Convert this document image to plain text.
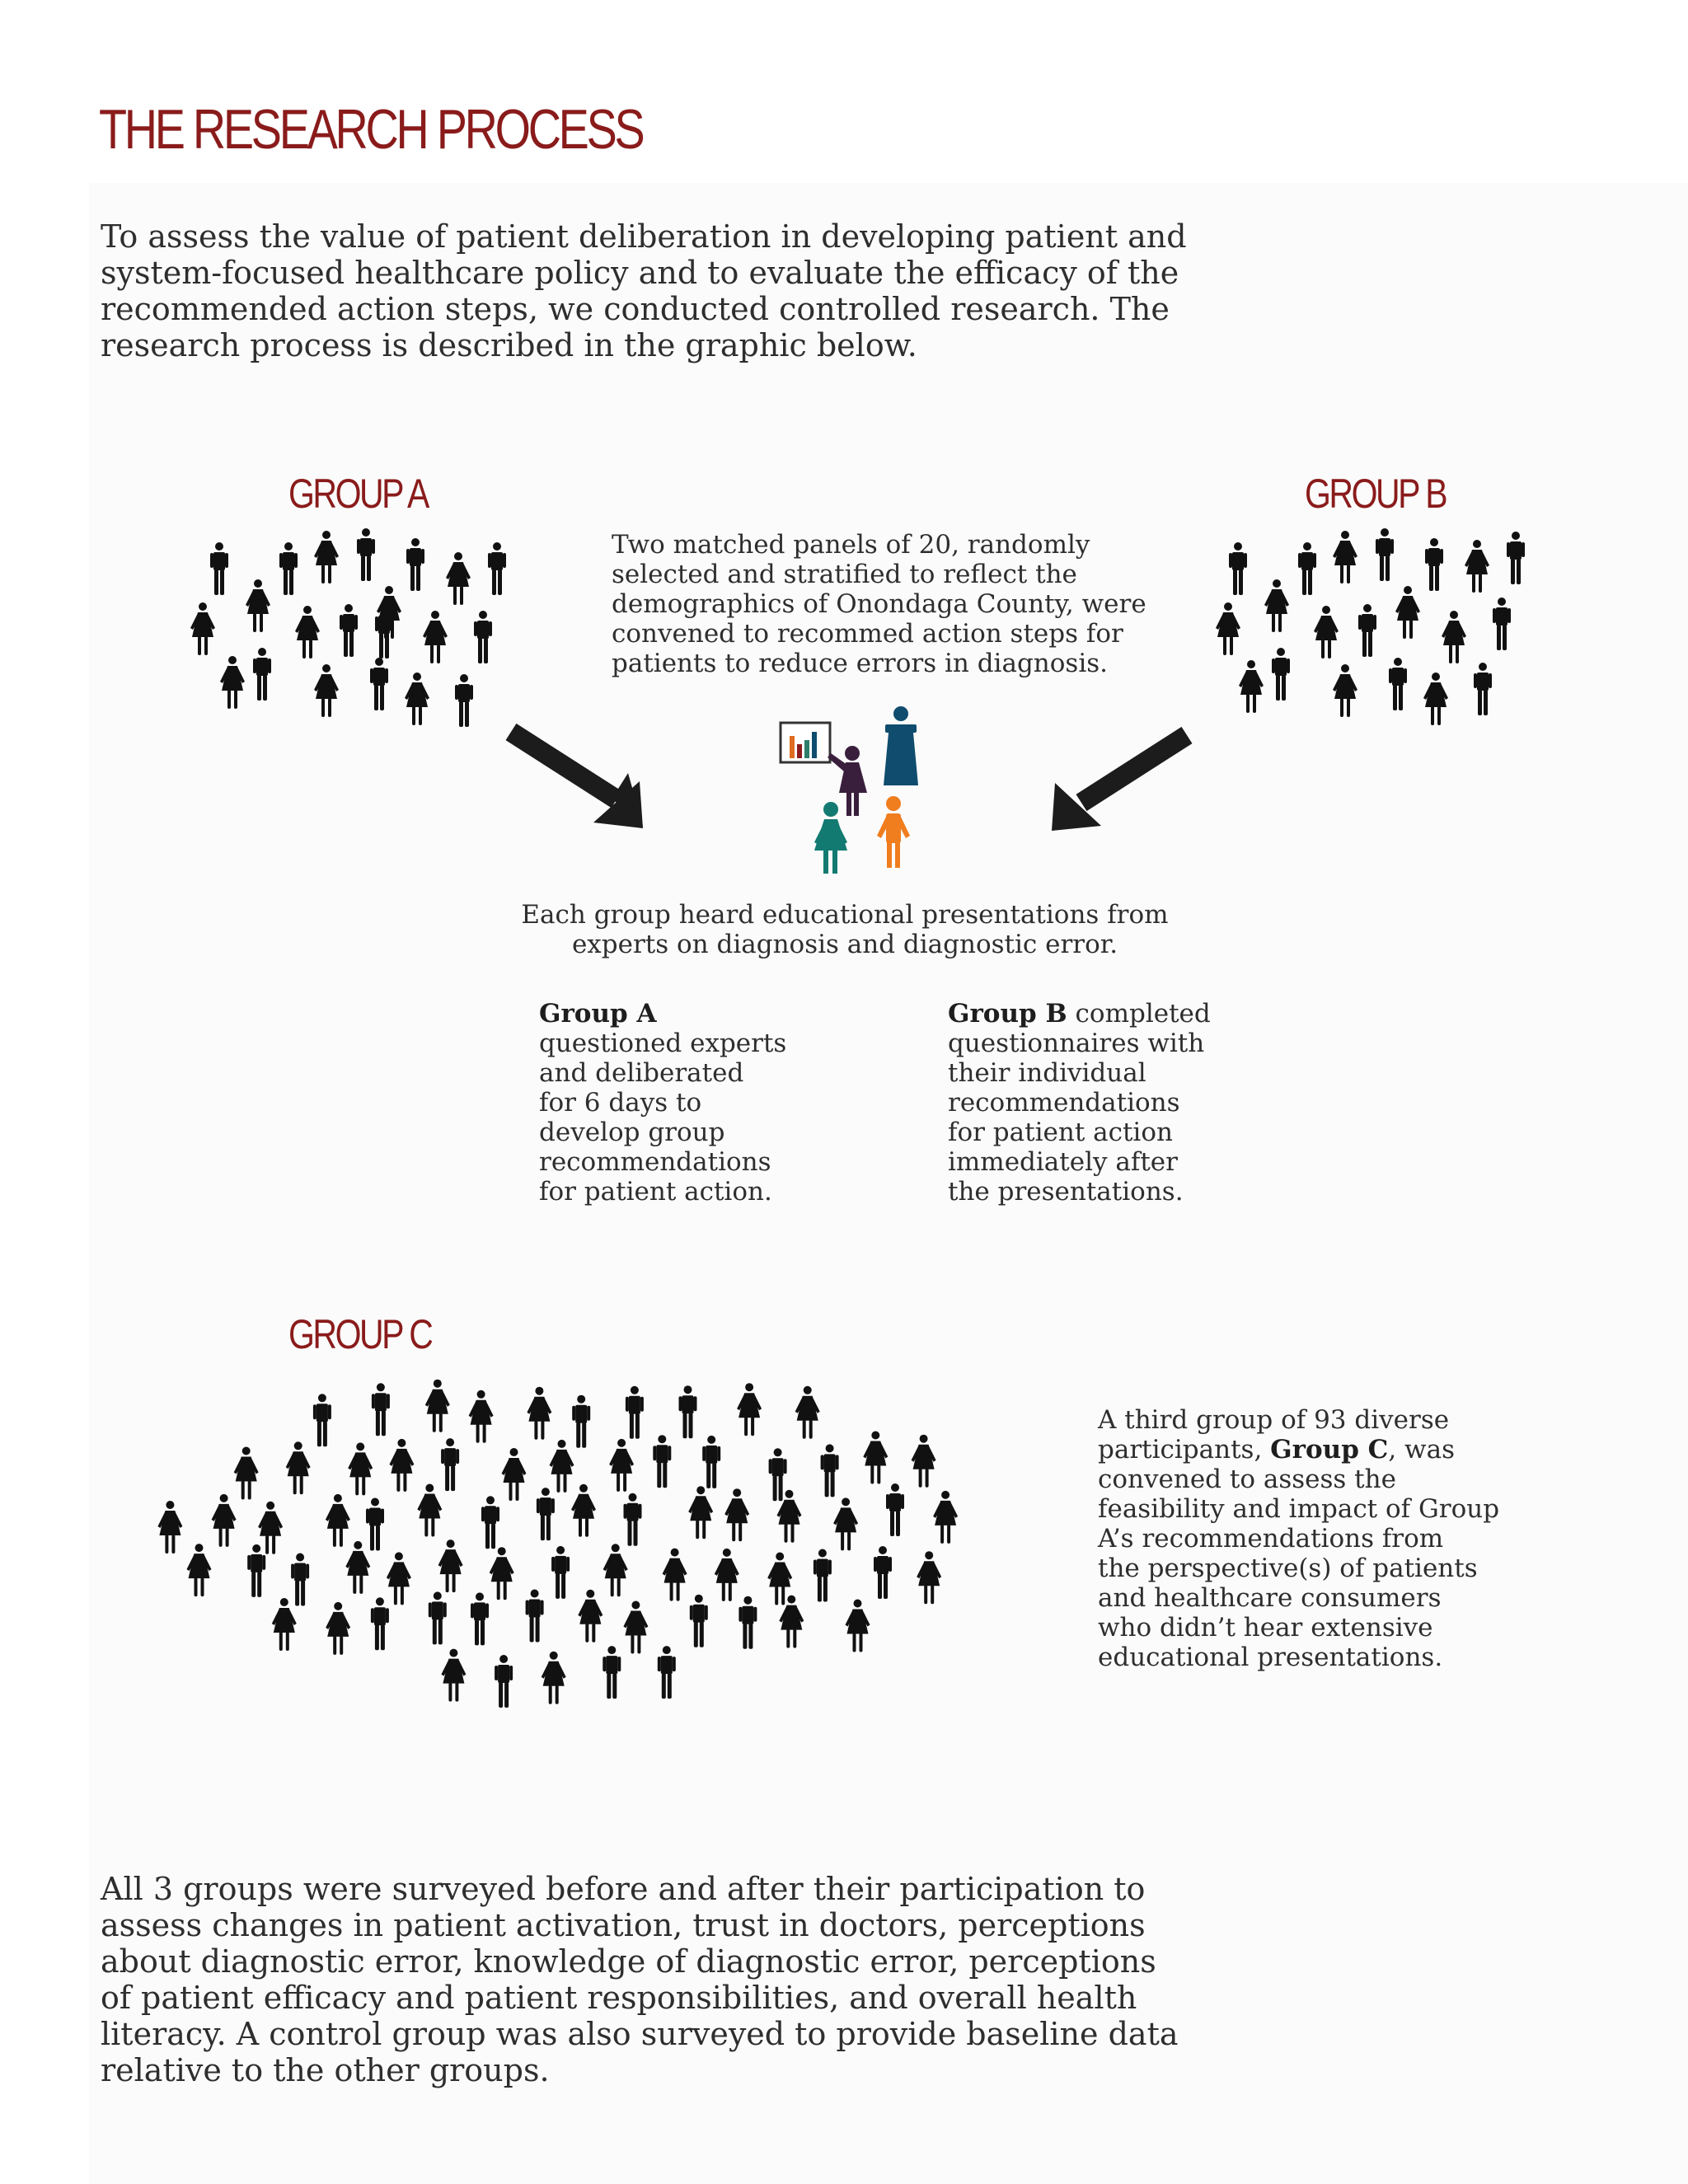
THE RESEARCH PROCESS
To assess the value of patient deliberation in developing patient and
system-focused healthcare policy and to evaluate the efficacy of the
recommended action steps, we conducted controlled research. The
research process is described in the graphic below.
GROUP A	GROUP B
GROUP C
Two matched panels of 20, randomly
selected and stratified to reflect the
demographics of Onondaga County, were
convened to recommed action steps for
patients to reduce errors in diagnosis.
Each group heard educational presentations from
experts on diagnosis and diagnostic error.
Group A
questioned experts
and deliberated
for 6 days to
develop group
recommendations
for patient action.
Group B completed
questionnaires with
their individual
recommendations
for patient action
immediately after
the presentations.
A third group of 93 diverse
participants, Group C, was
convened to assess the
feasibility and impact of Group
A’s recommendations from
the perspective(s) of patients
and healthcare consumers
who didn’t hear extensive
educational presentations.
All 3 groups were surveyed before and after their participation to
assess changes in patient activation, trust in doctors, perceptions
about diagnostic error, knowledge of diagnostic error, perceptions
of patient efficacy and patient responsibilities, and overall health
literacy. A control group was also surveyed to provide baseline data
relative to the other groups.
